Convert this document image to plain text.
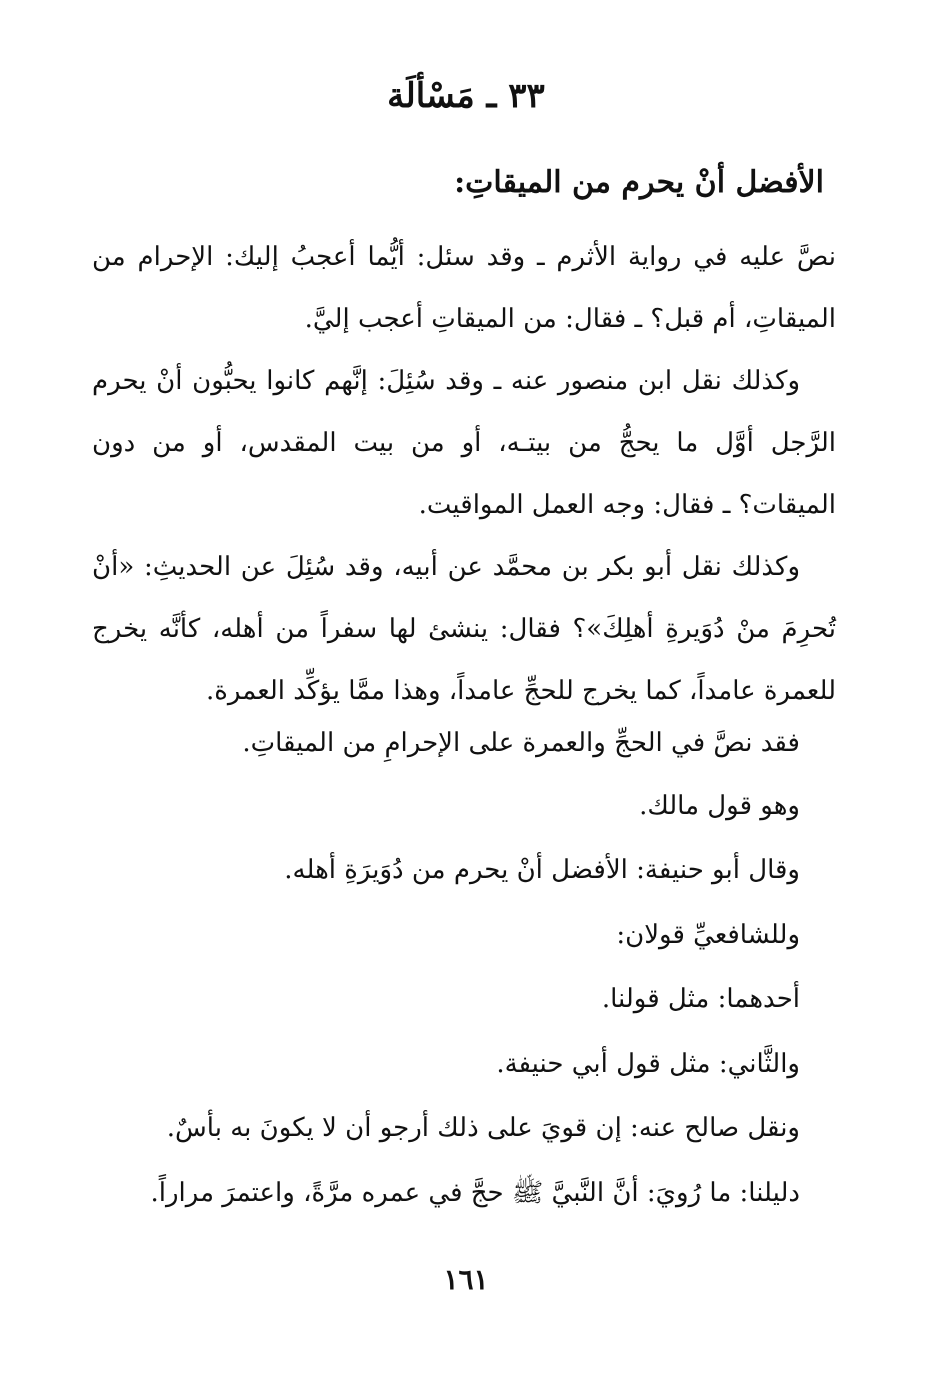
٣٣ ـ مَسْألَة
الأفضل أنْ يحرم من الميقاتِ:

نصَّ عليه في رواية الأثرم ـ وقد سئل: أيُّما أعجبُ إليك: الإحرام من الميقاتِ، أم قبل؟ ـ فقال: من الميقاتِ أعجب إليَّ.

وكذلك نقل ابن منصور عنه ـ وقد سُئِلَ: إنَّهم كانوا يحبُّون أنْ يحرم الرَّجل أوَّل ما يحجُّ من بيتـه، أو من بيت المقدس، أو من دون الميقات؟ ـ فقال: وجه العمل المواقيت.

وكذلك نقل أبو بكر بن محمَّد عن أبيه، وقد سُئِلَ عن الحديثِ: «أنْ تُحرِمَ منْ دُوَيرةِ أهلِكَ»؟ فقال: ينشئ لها سفراً من أهله، كأنَّه يخرج للعمرة عامداً، كما يخرج للحجِّ عامداً، وهذا ممَّا يؤكِّد العمرة.

فقد نصَّ في الحجِّ والعمرة على الإحرامِ من الميقاتِ.

وهو قول مالك.

وقال أبو حنيفة: الأفضل أنْ يحرم من دُوَيرَةِ أهله.

وللشافعيِّ قولان:

أحدهما: مثل قولنا.

والثَّاني: مثل قول أبي حنيفة.

ونقل صالح عنه: إن قويَ على ذلك أرجو أن لا يكونَ به بأسٌ.

دليلنا: ما رُويَ: أنَّ النَّبيَّ ﷺ حجَّ في عمره مرَّةً، واعتمرَ مراراً.

١٦١
